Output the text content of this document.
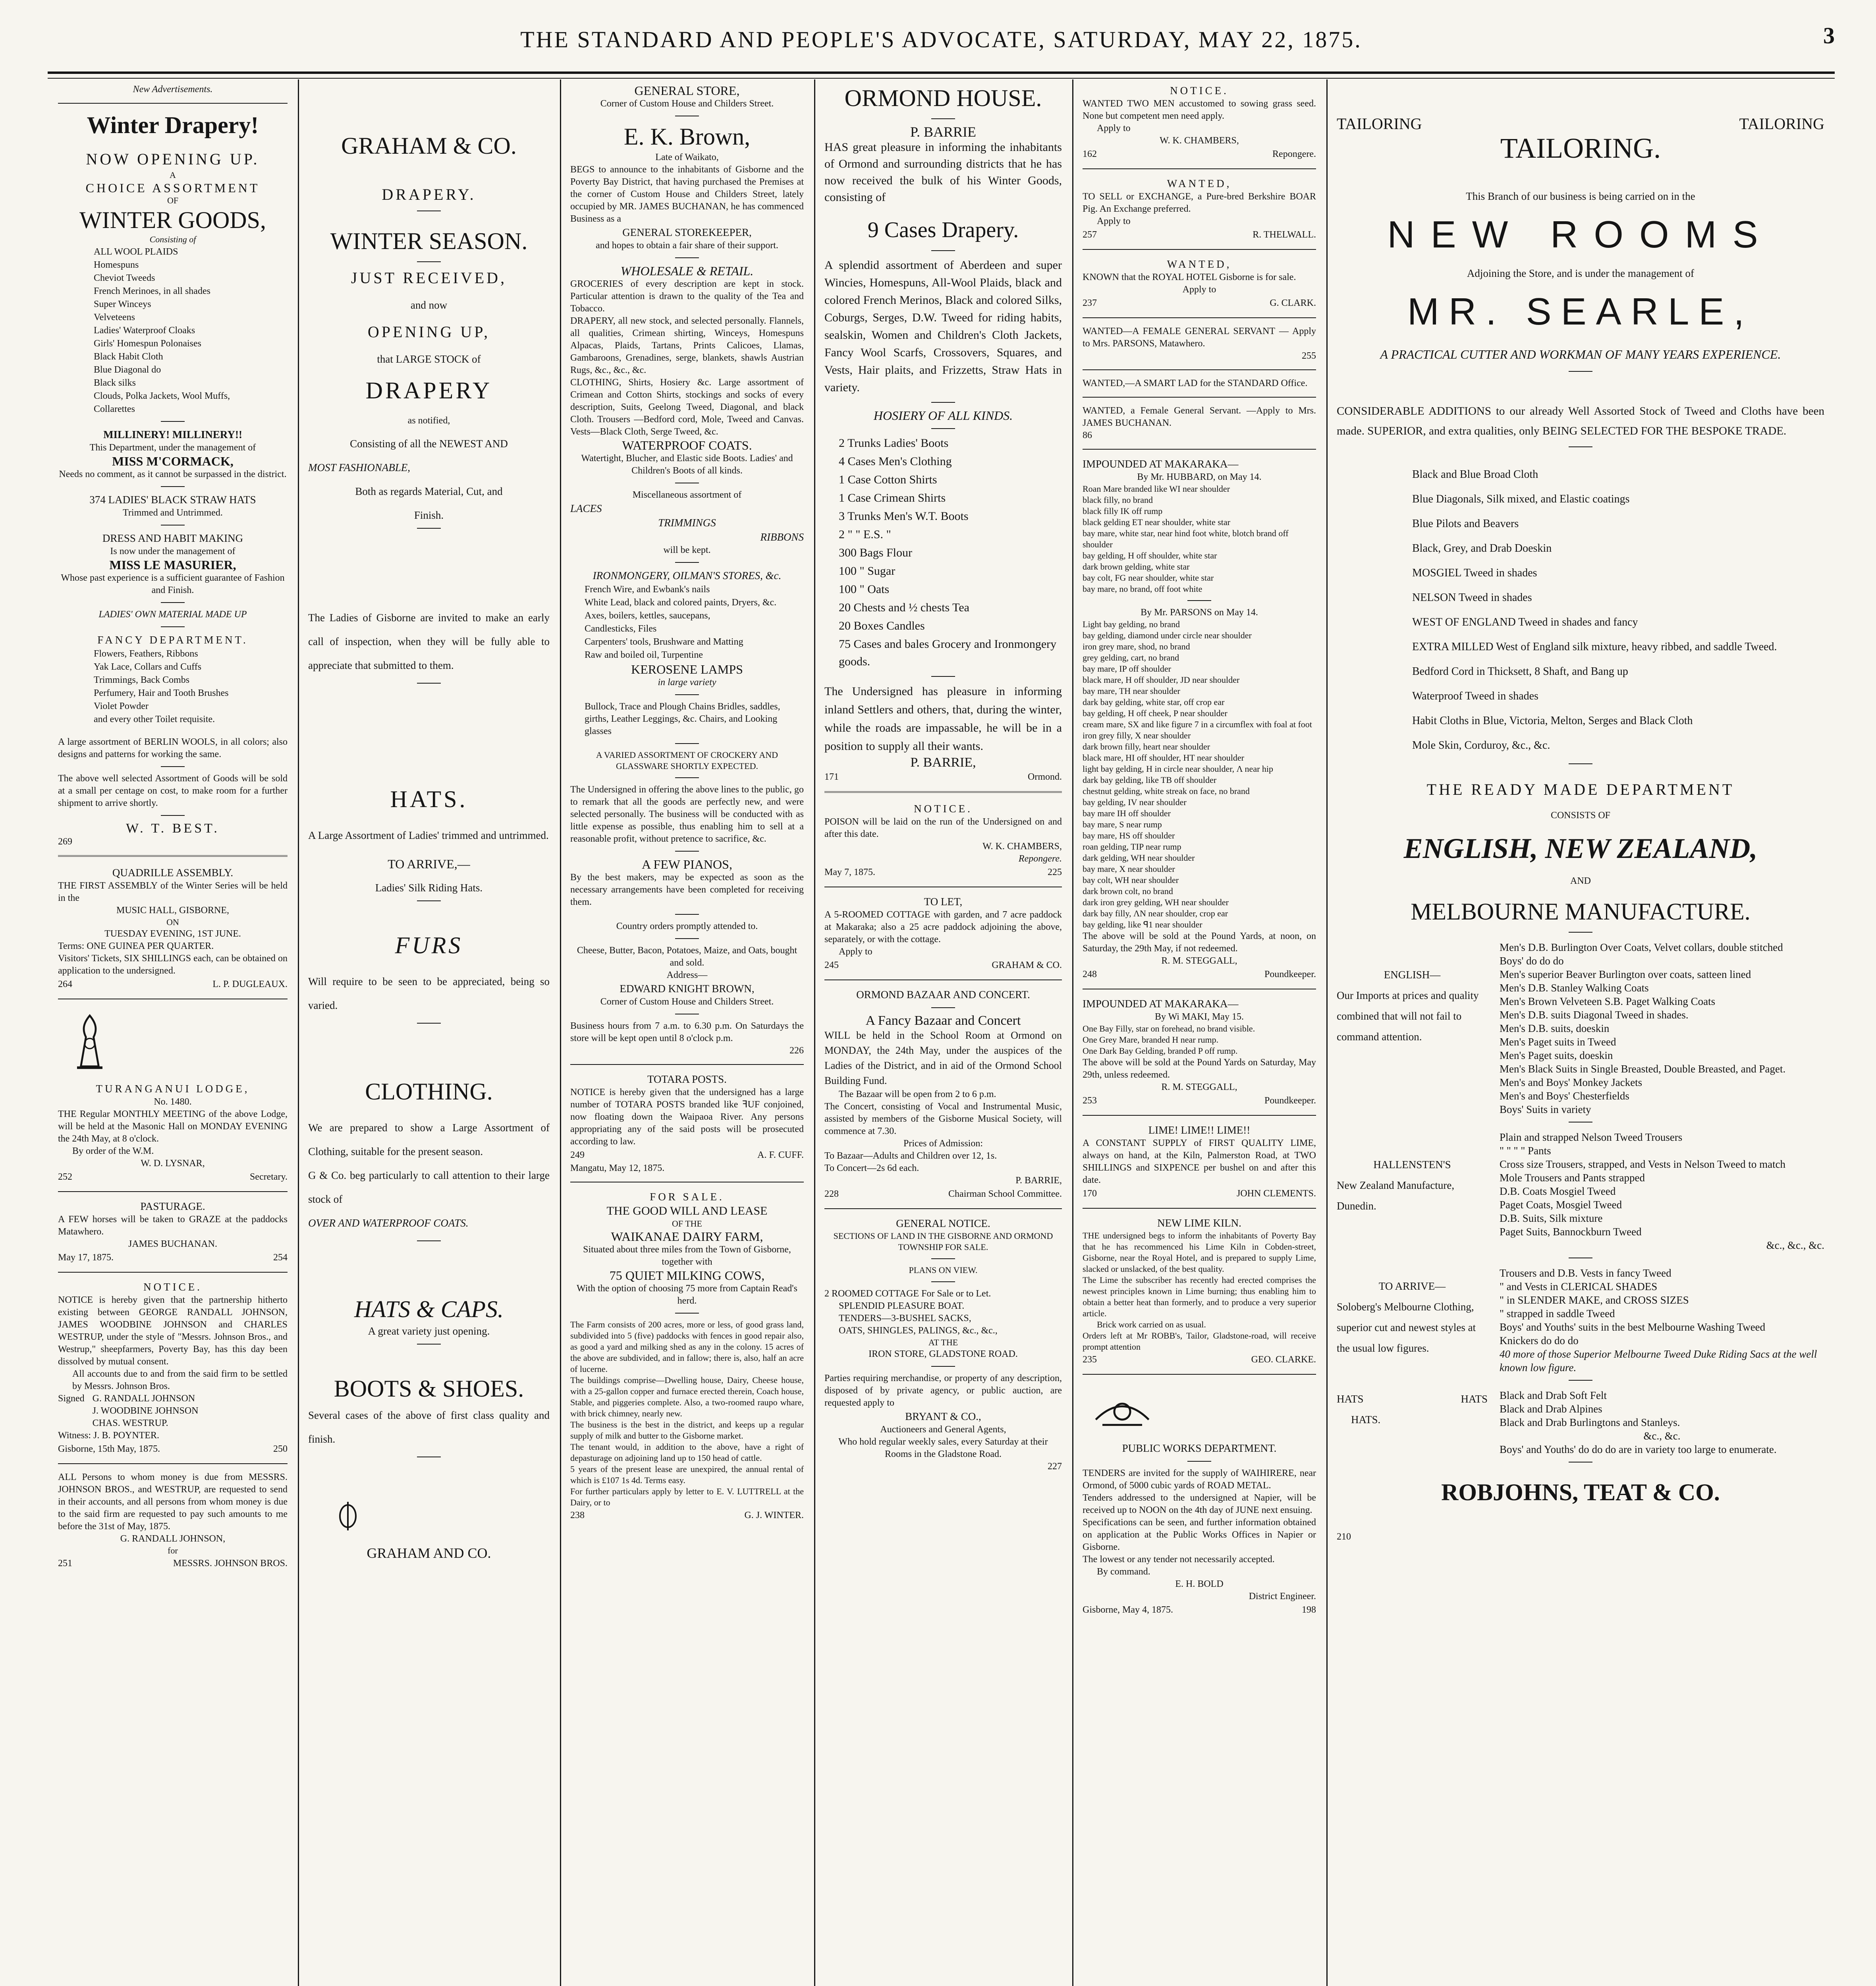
THE STANDARD AND PEOPLE'S ADVOCATE, SATURDAY, MAY 22, 1875.	3
New Advertisements.
Winter Drapery!
NOW OPENING UP.
A
CHOICE ASSORTMENT
OF
WINTER GOODS,
Consisting of
ALL WOOL PLAIDS
Homespuns
Cheviot Tweeds
French Merinoes, in all shades
Super Winceys
Velveteens
Ladies' Waterproof Cloaks
Girls' Homespun Polonaises
Black Habit Cloth
Blue Diagonal do
Black silks
Clouds, Polka Jackets, Wool Muffs,
Collarettes
MILLINERY! MILLINERY!!
This Department, under the management of
MISS M'CORMACK,
Needs no comment, as it cannot be surpassed in the district.
374 LADIES' BLACK STRAW HATS
Trimmed and Untrimmed.
DRESS AND HABIT MAKING
Is now under the management of
MISS LE MASURIER,
Whose past experience is a sufficient guarantee of Fashion and Finish.
LADIES' OWN MATERIAL MADE UP
FANCY DEPARTMENT.
Flowers, Feathers, Ribbons
Yak Lace, Collars and Cuffs
Trimmings, Back Combs
Perfumery, Hair and Tooth Brushes
Violet Powder
and every other Toilet requisite.
A large assortment of BERLIN WOOLS, in all colors; also designs and patterns for working the same.
The above well selected Assortment of Goods will be sold at a small per centage on cost, to make room for a further shipment to arrive shortly.
W. T. BEST.
269
QUADRILLE ASSEMBLY.
THE FIRST ASSEMBLY of the Winter Series will be held in the
MUSIC HALL, GISBORNE,
ON
TUESDAY EVENING, 1ST JUNE.
Terms: ONE GUINEA PER QUARTER.
Visitors' Tickets, SIX SHILLINGS each, can be obtained on application to the undersigned.
264	L. P. DUGLEAUX.
TURANGANUI LODGE,
No. 1480.
THE Regular MONTHLY MEETING of the above Lodge, will be held at the Masonic Hall on MONDAY EVENING the 24th May, at 8 o'clock.
By order of the W.M.
W. D. LYSNAR,
252	Secretary.
PASTURAGE.
A FEW horses will be taken to GRAZE at the paddocks Matawhero.
JAMES BUCHANAN.
May 17, 1875.	254
NOTICE.
NOTICE is hereby given that the partnership hitherto existing between GEORGE RANDALL JOHNSON, JAMES WOODBINE JOHNSON and CHARLES WESTRUP, under the style of "Messrs. Johnson Bros., and Westrup," sheepfarmers, Poverty Bay, has this day been dissolved by mutual consent.
All accounts due to and from the said firm to be settled by Messrs. Johnson Bros.
Signed G. RANDALL JOHNSON
J. WOODBINE JOHNSON
CHAS. WESTRUP.
Witness: J. B. POYNTER.
Gisborne, 15th May, 1875.	250
ALL Persons to whom money is due from MESSRS. JOHNSON BROS., and WESTRUP, are requested to send in their accounts, and all persons from whom money is due to the said firm are requested to pay such amounts to me before the 31st of May, 1875.
G. RANDALL JOHNSON,
for
251	MESSRS. JOHNSON BROS.
GRAHAM & CO.
DRAPERY.
WINTER SEASON.
JUST RECEIVED,
and now
OPENING UP,
that LARGE STOCK of
DRAPERY
as notified,
Consisting of all the NEWEST AND
MOST FASHIONABLE,
Both as regards Material, Cut, and
Finish.
The Ladies of Gisborne are invited to make an early call of inspection, when they will be fully able to appreciate that submitted to them.
HATS.
A Large Assortment of Ladies' trimmed and untrimmed.
TO ARRIVE,—
Ladies' Silk Riding Hats.
FURS
Will require to be seen to be appreciated, being so varied.
CLOTHING.
We are prepared to show a Large Assortment of Clothing, suitable for the present season.
G & Co. beg particularly to call attention to their large stock of
OVER AND WATERPROOF COATS.
HATS & CAPS.
A great variety just opening.
BOOTS & SHOES.
Several cases of the above of first class quality and finish.
GRAHAM AND CO.
GENERAL STORE,
Corner of Custom House and Childers Street.
E. K. Brown,
Late of Waikato,
BEGS to announce to the inhabitants of Gisborne and the Poverty Bay District, that having purchased the Premises at the corner of Custom House and Childers Street, lately occupied by MR. JAMES BUCHANAN, he has commenced Business as a
GENERAL STOREKEEPER,
and hopes to obtain a fair share of their support.
WHOLESALE & RETAIL.
GROCERIES of every description are kept in stock. Particular attention is drawn to the quality of the Tea and Tobacco.
DRAPERY, all new stock, and selected personally. Flannels, all qualities, Crimean shirting, Winceys, Homespuns Alpacas, Plaids, Tartans, Prints Calicoes, Llamas, Gambaroons, Grenadines, serge, blankets, shawls Austrian Rugs, &c., &c., &c.
CLOTHING, Shirts, Hosiery &c. Large assortment of Crimean and Cotton Shirts, stockings and socks of every description, Suits, Geelong Tweed, Diagonal, and black Cloth. Trousers —Bedford cord, Mole, Tweed and Canvas. Vests—Black Cloth, Serge Tweed, &c.
WATERPROOF COATS.
Watertight, Blucher, and Elastic side Boots. Ladies' and Children's Boots of all kinds.
Miscellaneous assortment of
LACES
TRIMMINGS
RIBBONS
will be kept.
IRONMONGERY, OILMAN'S STORES, &c.
French Wire, and Ewbank's nails
White Lead, black and colored paints, Dryers, &c.
Axes, boilers, kettles, saucepans,
Candlesticks, Files
Carpenters' tools, Brushware and Matting
Raw and boiled oil, Turpentine
KEROSENE LAMPS
in large variety
Bullock, Trace and Plough Chains Bridles, saddles, girths, Leather Leggings, &c. Chairs, and Looking glasses
A VARIED ASSORTMENT OF CROCKERY AND GLASSWARE SHORTLY EXPECTED.
The Undersigned in offering the above lines to the public, go to remark that all the goods are perfectly new, and were selected personally. The business will be conducted with as little expense as possible, thus enabling him to sell at a reasonable profit, without pretence to sacrifice, &c.
A FEW PIANOS,
By the best makers, may be expected as soon as the necessary arrangements have been completed for receiving them.
Country orders promptly attended to.
Cheese, Butter, Bacon, Potatoes, Maize, and Oats, bought and sold.
Address—
EDWARD KNIGHT BROWN,
Corner of Custom House and Childers Street.
Business hours from 7 a.m. to 6.30 p.m. On Saturdays the store will be kept open until 8 o'clock p.m.
226
TOTARA POSTS.
NOTICE is hereby given that the undersigned has a large number of TOTARA POSTS branded like ꟻUF conjoined, now floating down the Waipaoa River. Any persons appropriating any of the said posts will be prosecuted according to law.
249	A. F. CUFF.
Mangatu, May 12, 1875.
FOR SALE.
THE GOOD WILL AND LEASE
OF THE
WAIKANAE DAIRY FARM,
Situated about three miles from the Town of Gisborne, together with
75 QUIET MILKING COWS,
With the option of choosing 75 more from Captain Read's herd.
The Farm consists of 200 acres, more or less, of good grass land, subdivided into 5 (five) paddocks with fences in good repair also, as good a yard and milking shed as any in the colony. 15 acres of the above are subdivided, and in fallow; there is, also, half an acre of lucerne.
The buildings comprise—Dwelling house, Dairy, Cheese house, with a 25-gallon copper and furnace erected therein, Coach house, Stable, and piggeries complete. Also, a two-roomed raupo whare, with brick chimney, nearly new.
The business is the best in the district, and keeps up a regular supply of milk and butter to the Gisborne market.
The tenant would, in addition to the above, have a right of depasturage on adjoining land up to 150 head of cattle.
5 years of the present lease are unexpired, the annual rental of which is £107 1s 4d. Terms easy.
For further particulars apply by letter to E. V. LUTTRELL at the Dairy, or to
238	G. J. WINTER.
ORMOND HOUSE.
P. BARRIE
HAS great pleasure in informing the inhabitants of Ormond and surrounding districts that he has now received the bulk of his Winter Goods, consisting of
9 Cases Drapery.
A splendid assortment of Aberdeen and super Wincies, Homespuns, All-Wool Plaids, black and colored French Merinos, Black and colored Silks, Coburgs, Serges, D.W. Tweed for riding habits, sealskin, Women and Children's Cloth Jackets, Fancy Wool Scarfs, Crossovers, Squares, and Vests, Hair plaits, and Frizzetts, Straw Hats in variety.
HOSIERY OF ALL KINDS.
2 Trunks Ladies' Boots
4 Cases Men's Clothing
1 Case Cotton Shirts
1 Case Crimean Shirts
3 Trunks Men's W.T. Boots
2 " " E.S. "
300 Bags Flour
100 " Sugar
100 " Oats
20 Chests and ½ chests Tea
20 Boxes Candles
75 Cases and bales Grocery and Ironmongery goods.
The Undersigned has pleasure in informing inland Settlers and others, that, during the winter, while the roads are impassable, he will be in a position to supply all their wants.
P. BARRIE,
171	Ormond.
NOTICE.
POISON will be laid on the run of the Undersigned on and after this date.
W. K. CHAMBERS,
Repongere.
May 7, 1875.	225
TO LET,
A 5-ROOMED COTTAGE with garden, and 7 acre paddock at Makaraka; also a 25 acre paddock adjoining the above, separately, or with the cottage.
Apply to
245	GRAHAM & CO.
ORMOND BAZAAR AND CONCERT.
A Fancy Bazaar and Concert
WILL be held in the School Room at Ormond on MONDAY, the 24th May, under the auspices of the Ladies of the District, and in aid of the Ormond School Building Fund.
The Bazaar will be open from 2 to 6 p.m.
The Concert, consisting of Vocal and Instrumental Music, assisted by members of the Gisborne Musical Society, will commence at 7.30.
Prices of Admission:
To Bazaar—Adults and Children over 12, 1s.
To Concert—2s 6d each.
P. BARRIE,
228	Chairman School Committee.
GENERAL NOTICE.
SECTIONS OF LAND IN THE GISBORNE AND ORMOND TOWNSHIP FOR SALE.
PLANS ON VIEW.
2 ROOMED COTTAGE For Sale or to Let.
SPLENDID PLEASURE BOAT.
TENDERS—3-BUSHEL SACKS,
OATS, SHINGLES, PALINGS, &c., &c.,
AT THE
IRON STORE, GLADSTONE ROAD.
Parties requiring merchandise, or property of any description, disposed of by private agency, or public auction, are requested apply to
BRYANT & CO.,
Auctioneers and General Agents,
Who hold regular weekly sales, every Saturday at their Rooms in the Gladstone Road.
227
NOTICE.
WANTED TWO MEN accustomed to sowing grass seed. None but competent men need apply.
Apply to
W. K. CHAMBERS,
162	Repongere.
WANTED,
TO SELL or EXCHANGE, a Pure-bred Berkshire BOAR Pig. An Exchange preferred.
Apply to
257	R. THELWALL.
WANTED,
KNOWN that the ROYAL HOTEL Gisborne is for sale.
Apply to
237	G. CLARK.
WANTED—A FEMALE GENERAL SERVANT — Apply to Mrs. PARSONS, Matawhero.
255
WANTED,—A SMART LAD for the STANDARD Office.
WANTED, a Female General Servant. —Apply to Mrs. JAMES BUCHANAN.
86
IMPOUNDED AT MAKARAKA—
By Mr. HUBBARD, on May 14.
Roan Mare branded like WI near shoulder
black filly, no brand
black filly IK off rump
black gelding ET near shoulder, white star
bay mare, white star, near hind foot white, blotch brand off shoulder
bay gelding, H off shoulder, white star
dark brown gelding, white star
bay colt, FG near shoulder, white star
bay mare, no brand, off foot white
By Mr. PARSONS on May 14.
Light bay gelding, no brand
bay gelding, diamond under circle near shoulder
iron grey mare, shod, no brand
grey gelding, cart, no brand
bay mare, IP off shoulder
black mare, H off shoulder, JD near shoulder
bay mare, TH near shoulder
dark bay gelding, white star, off crop ear
bay gelding, H off cheek, P near shoulder
cream mare, SX and like figure 7 in a circumflex with foal at foot
iron grey filly, X near shoulder
dark brown filly, heart near shoulder
black mare, HI off shoulder, HT near shoulder
light bay gelding, H in circle near shoulder, Λ near hip
dark bay gelding, like TB off shoulder
chestnut gelding, white streak on face, no brand
bay gelding, IV near shoulder
bay mare IH off shoulder
bay mare, S near rump
bay mare, HS off shoulder
roan gelding, TIP near rump
dark gelding, WH near shoulder
bay mare, X near shoulder
bay colt, WH near shoulder
dark brown colt, no brand
dark iron grey gelding, WH near shoulder
dark bay filly, ΛN near shoulder, crop ear
bay gelding, like ꟼ1 near shoulder
The above will be sold at the Pound Yards, at noon, on Saturday, the 29th May, if not redeemed.
R. M. STEGGALL,
248	Poundkeeper.
IMPOUNDED AT MAKARAKA—
By Wi MAKI, May 15.
One Bay Filly, star on forehead, no brand visible.
One Grey Mare, branded H near rump.
One Dark Bay Gelding, branded P off rump.
The above will be sold at the Pound Yards on Saturday, May 29th, unless redeemed.
R. M. STEGGALL,
253	Poundkeeper.
LIME! LIME!! LIME!!
A CONSTANT SUPPLY of FIRST QUALITY LIME, always on hand, at the Kiln, Palmerston Road, at TWO SHILLINGS and SIXPENCE per bushel on and after this date.
170	JOHN CLEMENTS.
NEW LIME KILN.
THE undersigned begs to inform the inhabitants of Poverty Bay that he has recommenced his Lime Kiln in Cobden-street, Gisborne, near the Royal Hotel, and is prepared to supply Lime, slacked or unslacked, of the best quality.
The Lime the subscriber has recently had erected comprises the newest principles known in Lime burning; thus enabling him to obtain a better heat than formerly, and to produce a very superior article.
Brick work carried on as usual.
Orders left at Mr ROBB's, Tailor, Gladstone-road, will receive prompt attention
235	GEO. CLARKE.
PUBLIC WORKS DEPARTMENT.
TENDERS are invited for the supply of WAIHIRERE, near Ormond, of 5000 cubic yards of ROAD METAL.
Tenders addressed to the undersigned at Napier, will be received up to NOON on the 4th day of JUNE next ensuing.
Specifications can be seen, and further information obtained on application at the Public Works Offices in Napier or Gisborne.
The lowest or any tender not necessarily accepted.
By command.
E. H. BOLD
District Engineer.
Gisborne, May 4, 1875.	198
TAILORING	TAILORING
TAILORING.
This Branch of our business is being carried on in the
NEW ROOMS
Adjoining the Store, and is under the management of
MR. SEARLE,
A PRACTICAL CUTTER AND WORKMAN OF MANY YEARS EXPERIENCE.
CONSIDERABLE ADDITIONS to our already Well Assorted Stock of Tweed and Cloths have been made. SUPERIOR, and extra qualities, only BEING SELECTED FOR THE BESPOKE TRADE.
Black and Blue Broad Cloth
Blue Diagonals, Silk mixed, and Elastic coatings
Blue Pilots and Beavers
Black, Grey, and Drab Doeskin
MOSGIEL Tweed in shades
NELSON Tweed in shades
WEST OF ENGLAND Tweed in shades and fancy
EXTRA MILLED West of England silk mixture, heavy ribbed, and saddle Tweed.
Bedford Cord in Thicksett, 8 Shaft, and Bang up
Waterproof Tweed in shades
Habit Cloths in Blue, Victoria, Melton, Serges and Black Cloth
Mole Skin, Corduroy, &c., &c.
THE READY MADE DEPARTMENT
CONSISTS OF
ENGLISH, NEW ZEALAND,
AND
MELBOURNE MANUFACTURE.
ENGLISH—
Our Imports at prices and quality combined that will not fail to command attention.
Men's D.B. Burlington Over Coats, Velvet collars, double stitched
Boys' do do do
Men's superior Beaver Burlington over coats, satteen lined
Men's D.B. Stanley Walking Coats
Men's Brown Velveteen S.B. Paget Walking Coats
Men's D.B. suits Diagonal Tweed in shades.
Men's D.B. suits, doeskin
Men's Paget suits in Tweed
Men's Paget suits, doeskin
Men's Black Suits in Single Breasted, Double Breasted, and Paget.
Men's and Boys' Monkey Jackets
Men's and Boys' Chesterfields
Boys' Suits in variety
HALLENSTEN'S
New Zealand Manufacture, Dunedin.
Plain and strapped Nelson Tweed Trousers
" " " " Pants
Cross size Trousers, strapped, and Vests in Nelson Tweed to match
Mole Trousers and Pants strapped
D.B. Coats Mosgiel Tweed
Paget Coats, Mosgiel Tweed
D.B. Suits, Silk mixture
Paget Suits, Bannockburn Tweed
&c., &c., &c.
TO ARRIVE—
Soloberg's Melbourne Clothing, superior cut and newest styles at the usual low figures.
Trousers and D.B. Vests in fancy Tweed
" and Vests in CLERICAL SHADES
" in SLENDER MAKE, and CROSS SIZES
" strapped in saddle Tweed
Boys' and Youths' suits in the best Melbourne Washing Tweed
Knickers do do do
40 more of those Superior Melbourne Tweed Duke Riding Sacs at the well known low figure.
HATS	HATS
HATS.
Black and Drab Soft Felt
Black and Drab Alpines
Black and Drab Burlingtons and Stanleys.
&c., &c.
Boys' and Youths' do do do are in variety too large to enumerate.
ROBJOHNS, TEAT & CO.
210
